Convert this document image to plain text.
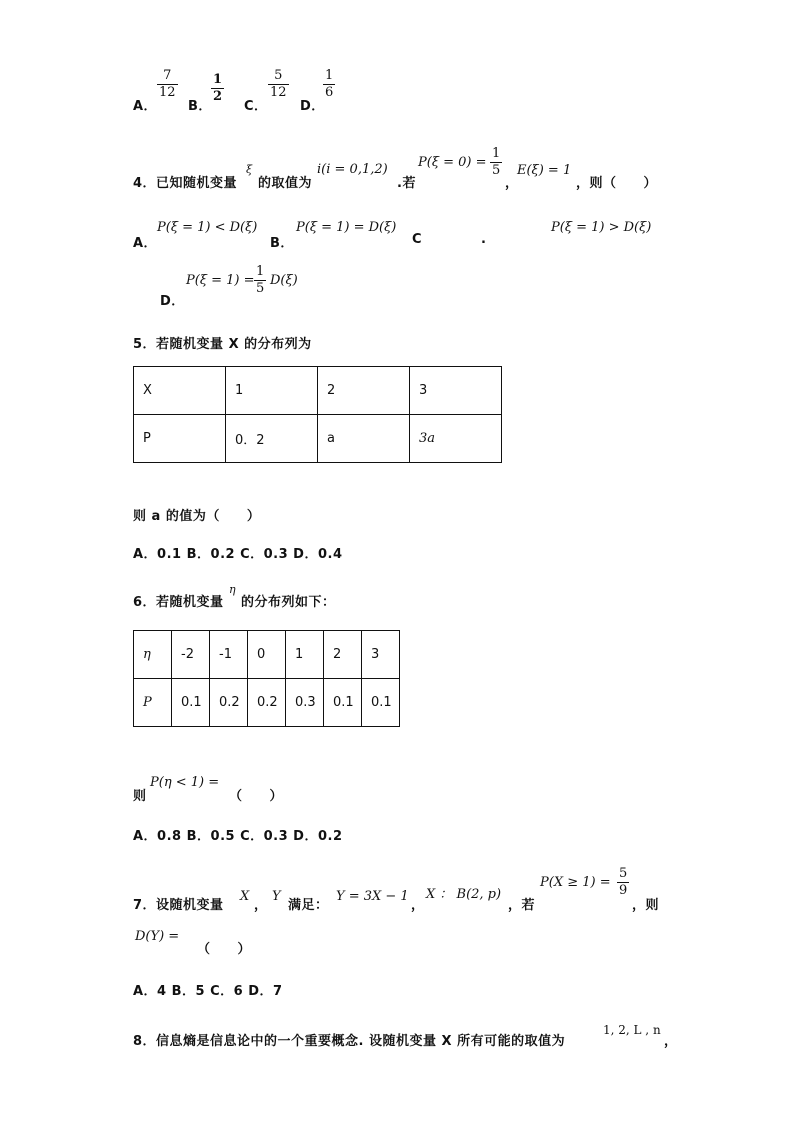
A．
$\frac{7}{12}$
B．
$\frac{1}{2}$
C．
$\frac{5}{12}$
D．
$\frac{1}{6}$
4．已知随机变量
ξ
的取值为
i(i = 0,1,2)
.若
$P(\xi = 0) = \frac{1}{5}$
，
E(ξ) = 1
，则（　　）
A．
P(ξ = 1) < D(ξ)
B．
P(ξ = 1) = D(ξ)
C	.
P(ξ = 1) > D(ξ)
D．
$P(\xi = 1) = \frac{1}{5} D(\xi)$
5．若随机变量 X 的分布列为
X	1	2	3
P	0．2	a	3a
则 a 的值为（　　）
A．0.1 B．0.2 C．0.3 D．0.4
6．若随机变量
η
的分布列如下：
η	-2	-1	0	1	2	3
P	0.1	0.2	0.2	0.3	0.1	0.1
则
P(η < 1) =
（　　）
A．0.8 B．0.5 C．0.3 D．0.2
7．设随机变量
X
，
Y
满足：
Y = 3X − 1
，
X ： B(2, p)
，若
$P(X \ge 1) = \frac{5}{9}$
，则
D(Y) =
（　　）
A．4 B．5 C．6 D．7
8．信息熵是信息论中的一个重要概念. 设随机变量 X 所有可能的取值为
1, 2, L , n
，
